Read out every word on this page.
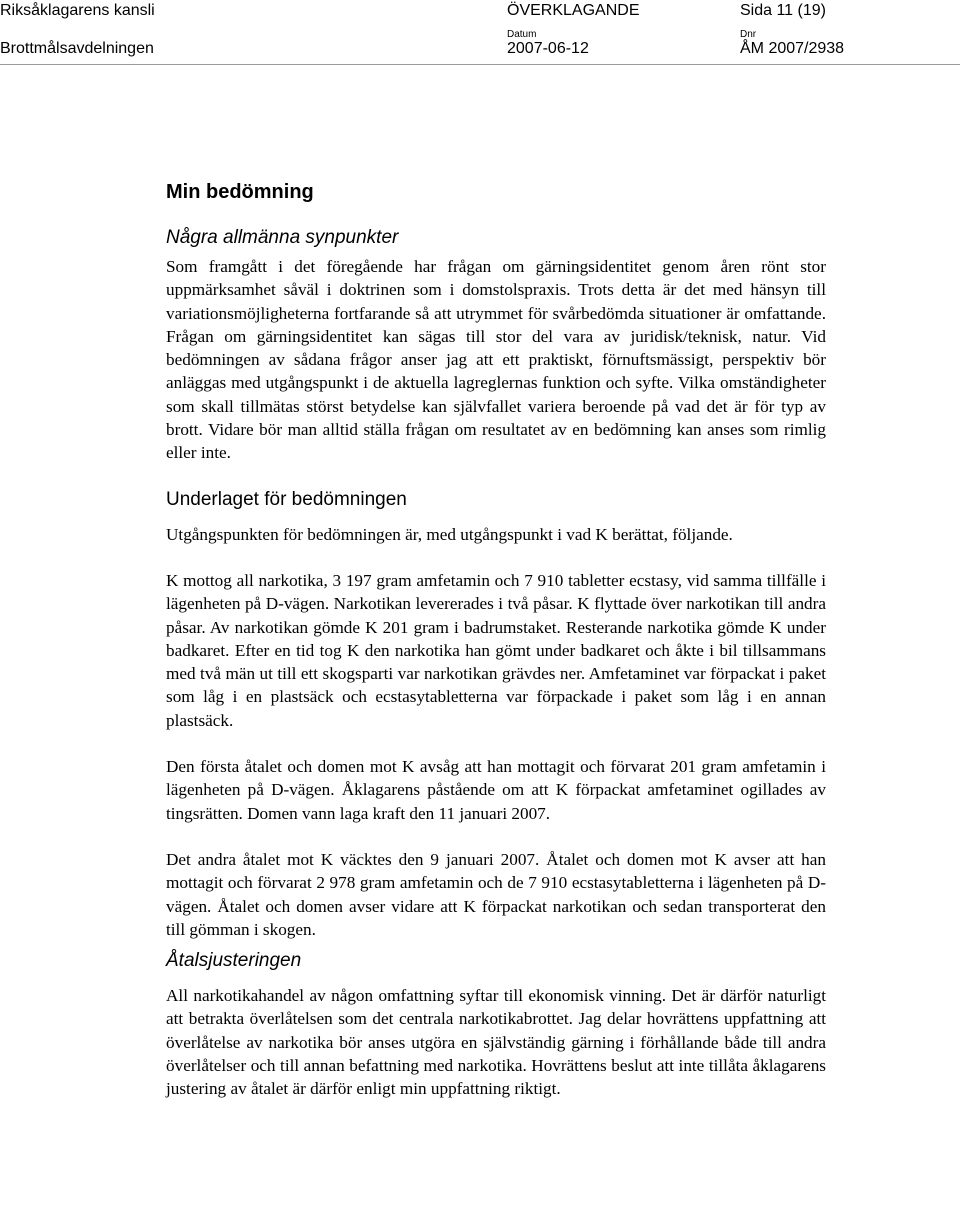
Riksåklagarens kansli
Brottmålsavdelningen
ÖVERKLAGANDE
Datum
2007-06-12
Sida 11 (19)
Dnr
ÅM 2007/2938
Min bedömning
Några allmänna synpunkter

Som framgått i det föregående har frågan om gärningsidentitet genom åren rönt stor uppmärksamhet såväl i doktrinen som i domstolspraxis. Trots detta är det med hänsyn till variationsmöjligheterna fortfarande så att utrymmet för svårbedömda situationer är omfattande. Frågan om gärningsidentitet kan sägas till stor del vara av juridisk/teknisk, natur. Vid bedömningen av sådana frågor anser jag att ett praktiskt, förnuftsmässigt, perspektiv bör anläggas med utgångspunkt i de aktuella lagreglernas funktion och syfte. Vilka omständigheter som skall tillmätas störst betydelse kan självfallet variera beroende på vad det är för typ av brott. Vidare bör man alltid ställa frågan om resultatet av en bedömning kan anses som rimlig eller inte.

Underlaget för bedömningen

Utgångspunkten för bedömningen är, med utgångspunkt i vad K berättat, följande.

K mottog all narkotika, 3 197 gram amfetamin och 7 910 tabletter ecstasy, vid samma tillfälle i lägenheten på D-vägen. Narkotikan levererades i två påsar. K flyttade över narkotikan till andra påsar. Av narkotikan gömde K 201 gram i badrumstaket. Resterande narkotika gömde K under badkaret. Efter en tid tog K den narkotika han gömt under badkaret och åkte i bil tillsammans med två män ut till ett skogsparti var narkotikan grävdes ner. Amfetaminet var förpackat i paket som låg i en plastsäck och ecstasytabletterna var förpackade i paket som låg i en annan plastsäck.

Den första åtalet och domen mot K avsåg att han mottagit och förvarat 201 gram amfetamin i lägenheten på D-vägen. Åklagarens påstående om att K förpackat amfetaminet ogillades av tingsrätten. Domen vann laga kraft den 11 januari 2007.

Det andra åtalet mot K väcktes den 9 januari 2007. Åtalet och domen mot K avser att han mottagit och förvarat 2 978 gram amfetamin och de 7 910 ecstasytabletterna i lägenheten på D-vägen. Åtalet och domen avser vidare att K förpackat narkotikan och sedan transporterat den till gömman i skogen.

Åtalsjusteringen

All narkotikahandel av någon omfattning syftar till ekonomisk vinning. Det är därför naturligt att betrakta överlåtelsen som det centrala narkotikabrottet. Jag delar hovrättens uppfattning att överlåtelse av narkotika bör anses utgöra en självständig gärning i förhållande både till andra överlåtelser och till annan befattning med narkotika. Hovrättens beslut att inte tillåta åklagarens justering av åtalet är därför enligt min uppfattning riktigt.
